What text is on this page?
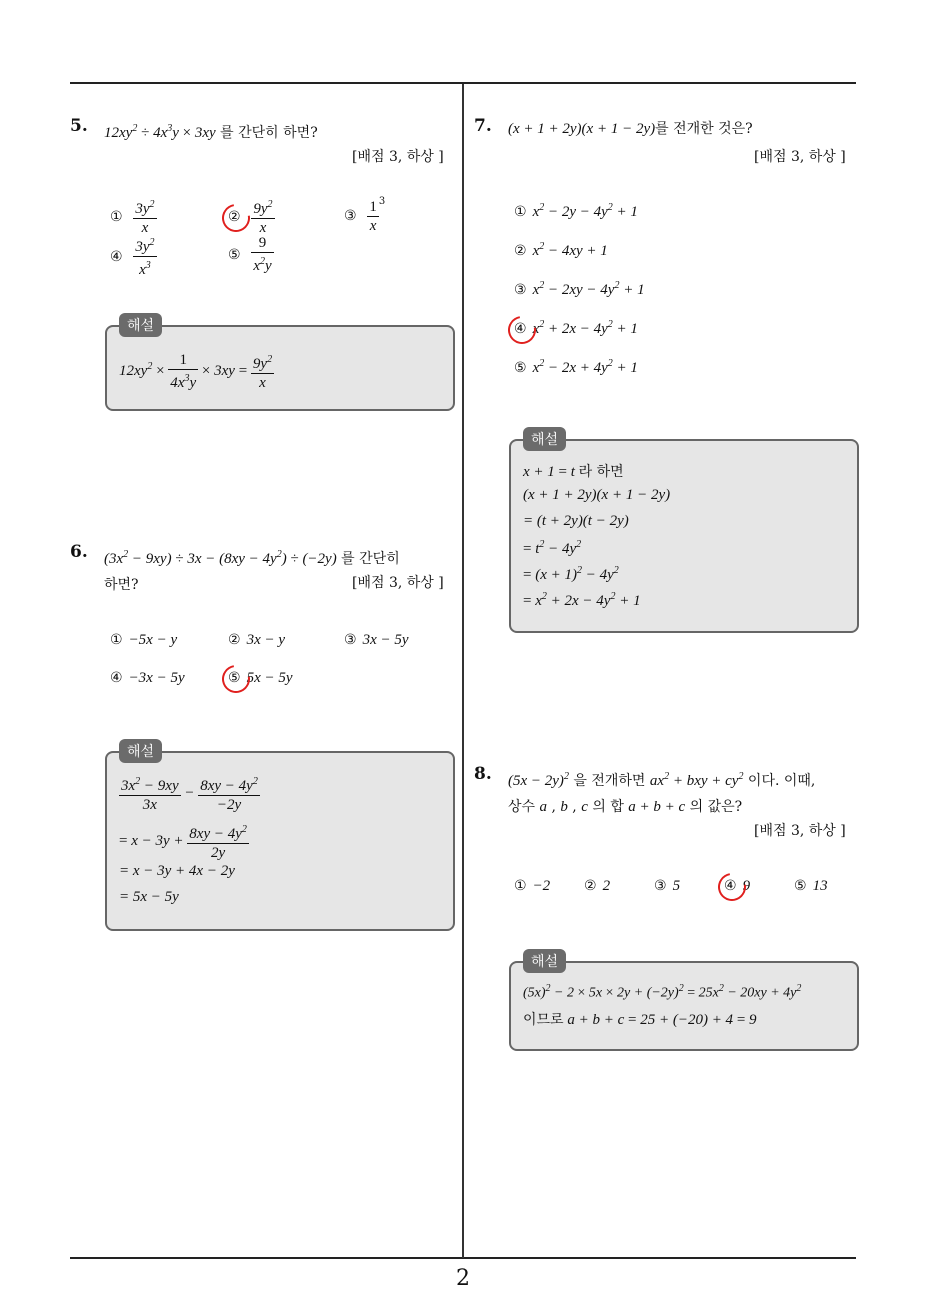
2
5. $12xy^2 \div 4x^3y \times 3xy$ 를 간단히 하면?
[배점 3, 하상 ]
① $\frac{3y^2}{x}$	②
$\frac{9y^2}{x}$	③ $\frac{1}{x} ^3$
④ $\frac{3y^2}{x^3}$	⑤ $\frac{9}{x^2y}$
해설
$12xy^2 \times \frac{1}{4x^3y} \times 3xy = \frac{9y^2}{x}$
6. $(3x^2 - 9xy) \div 3x - (8xy - 4y^2) \div (-2y)$ 를 간단히
하면?	[배점 3, 하상 ]
① −5x − y	② 3x − y	③ 3x − 5y
④ −3x − 5y	⑤ 5x − 5y
해설
$\frac{3x^2 - 9xy}{3x} - \frac{8xy - 4y^2}{-2y}$
= $x - 3y + \frac{8xy - 4y^2}{2y}$
= x − 3y + 4x − 2y
= 5x − 5y
7. (x + 1 + 2y)(x + 1 − 2y)를 전개한 것은?
[배점 3, 하상 ]
① $x^2 - 2y - 4y^2 + 1$
② $x^2 - 4xy + 1$
③ $x^2 - 2xy - 4y^2 + 1$
④ $x^2 + 2x - 4y^2 + 1$
⑤ $x^2 - 2x + 4y^2 + 1$
해설
x + 1 = t 라 하면
(x + 1 + 2y)(x + 1 − 2y)
= (t + 2y)(t − 2y)
= $t^2 - 4y^2$
= $(x + 1)^2 - 4y^2$
= $x^2 + 2x - 4y^2 + 1$
8. $(5x - 2y)^2$ 을 전개하면 $ax^2$ + bxy + $cy^2$ 이다. 이때,
상수 a , b , c 의 합 a + b + c 의 값은?
[배점 3, 하상 ]
① −2 ② 2	③ 5	④ 9	⑤ 13
해설
$(5x)^2 - 2 \times 5x \times 2y + (-2y)^2 = 25x^2 - 20xy + 4y^2$
이므로 a + b + c = 25 + (−20) + 4 = 9
